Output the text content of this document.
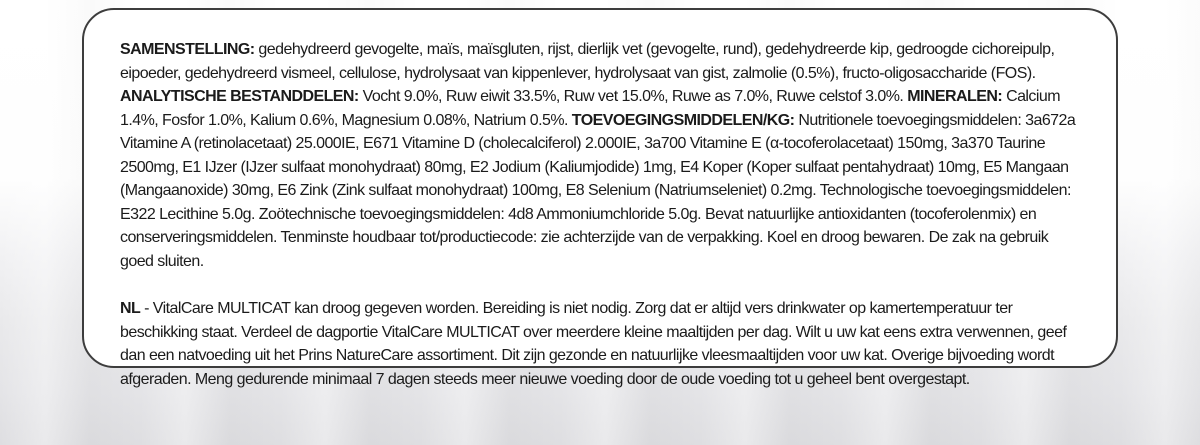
SAMENSTELLING: gedehydreerd gevogelte, maïs, maïsgluten, rijst, dierlijk vet (gevogelte, rund), gedehydreerde kip, gedroogde cichoreipulp, eipoeder, gedehydreerd vismeel, cellulose, hydrolysaat van kippenlever, hydrolysaat van gist, zalmolie (0.5%), fructo-oligosaccharide (FOS). ANALYTISCHE BESTANDDELEN: Vocht 9.0%, Ruw eiwit 33.5%, Ruw vet 15.0%, Ruwe as 7.0%, Ruwe celstof 3.0%. MINERALEN: Calcium 1.4%, Fosfor 1.0%, Kalium 0.6%, Magnesium 0.08%, Natrium 0.5%. TOEVOEGINGSMIDDELEN/KG: Nutritionele toevoegingsmiddelen: 3a672a Vitamine A (retinolacetaat) 25.000IE, E671 Vitamine D (cholecalciferol) 2.000IE, 3a700 Vitamine E (α-tocoferolacetaat) 150mg, 3a370 Taurine 2500mg, E1 IJzer (IJzer sulfaat monohydraat) 80mg, E2 Jodium (Kaliumjodide) 1mg, E4 Koper (Koper sulfaat pentahydraat) 10mg, E5 Mangaan (Mangaanoxide) 30mg, E6 Zink (Zink sulfaat monohydraat) 100mg, E8 Selenium (Natriumseleniet) 0.2mg. Technologische toevoegingsmiddelen: E322 Lecithine 5.0g. Zoötechnische toevoegingsmiddelen: 4d8 Ammoniumchloride 5.0g. Bevat natuurlijke antioxidanten (tocoferolenmix) en conserveringsmiddelen. Tenminste houdbaar tot/productiecode: zie achterzijde van de verpakking. Koel en droog bewaren. De zak na gebruik goed sluiten.

NL - VitalCare MULTICAT kan droog gegeven worden. Bereiding is niet nodig. Zorg dat er altijd vers drinkwater op kamertemperatuur ter beschikking staat. Verdeel de dagportie VitalCare MULTICAT over meerdere kleine maaltijden per dag. Wilt u uw kat eens extra verwennen, geef dan een natvoeding uit het Prins NatureCare assortiment. Dit zijn gezonde en natuurlijke vleesmaaltijden voor uw kat. Overige bijvoeding wordt afgeraden. Meng gedurende minimaal 7 dagen steeds meer nieuwe voeding door de oude voeding tot u geheel bent overgestapt.
